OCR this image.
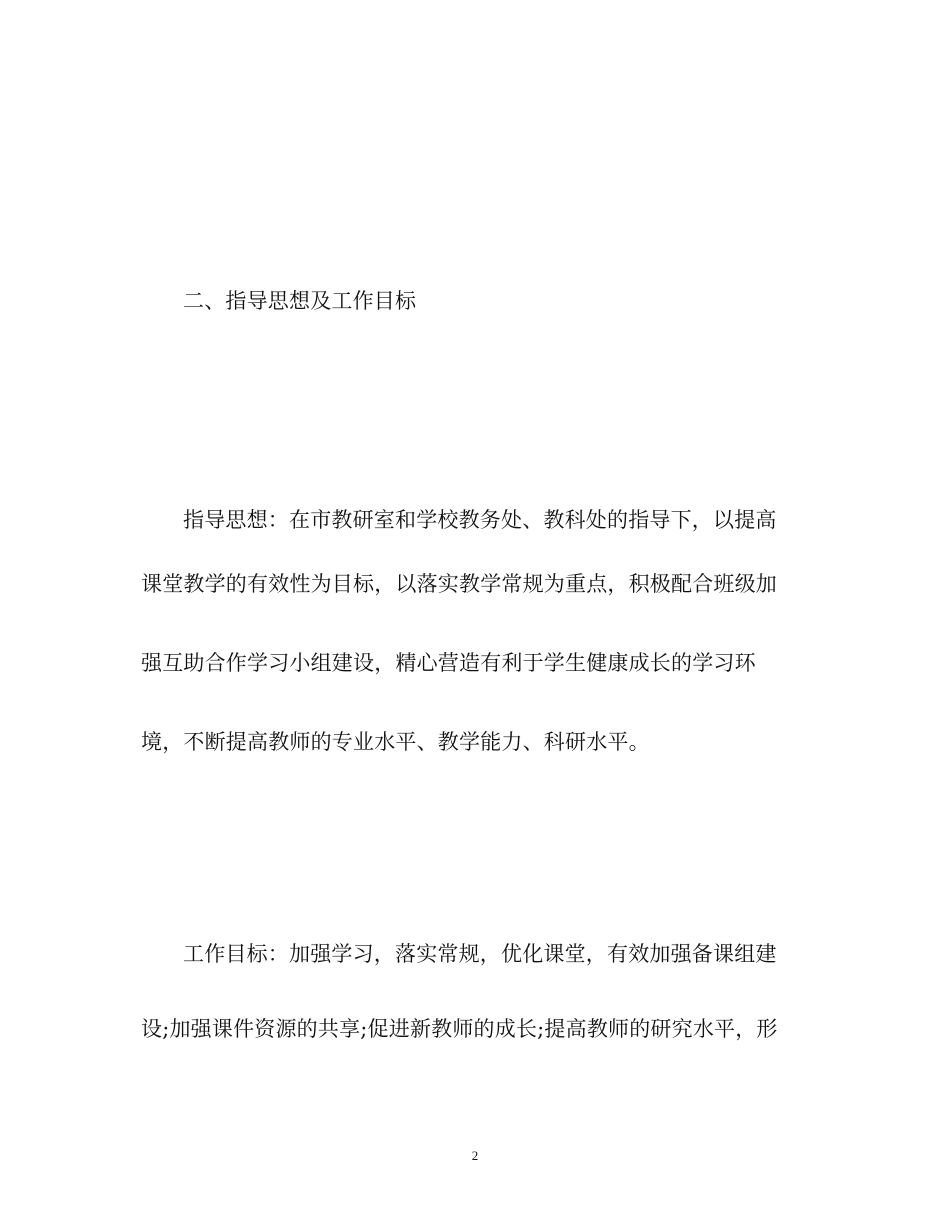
二、指导思想及工作目标
指导思想：在市教研室和学校教务处、教科处的指导下，以提高
课堂教学的有效性为目标，以落实教学常规为重点，积极配合班级加
强互助合作学习小组建设，精心营造有利于学生健康成长的学习环
境，不断提高教师的专业水平、教学能力、科研水平。
工作目标：加强学习，落实常规，优化课堂，有效加强备课组建
设;加强课件资源的共享;促进新教师的成长;提高教师的研究水平，形
2
